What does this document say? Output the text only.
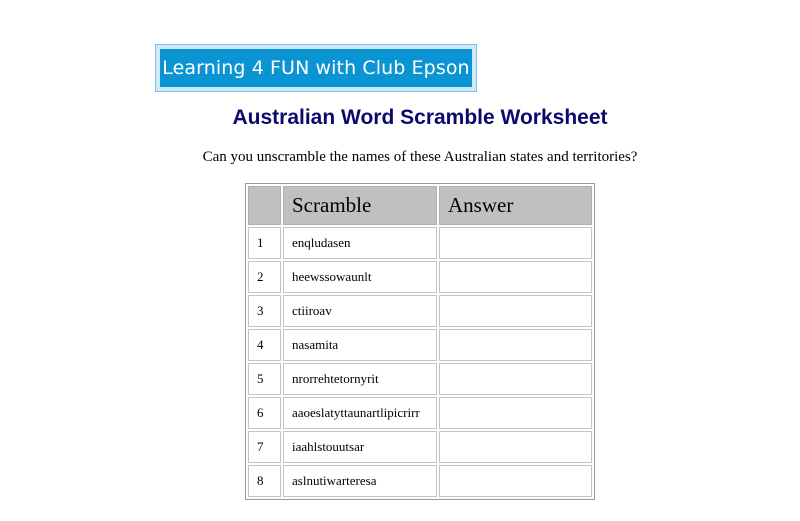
Learning 4 FUN with Club Epson
Australian Word Scramble Worksheet
Can you unscramble the names of these Australian states and territories?
	Scramble	Answer
1	enqludasen	
2	heewssowaunlt	
3	ctiiroav	
4	nasamita	
5	nrorrehtetornyrit	
6	aaoeslatyttaunartlipicrirr	
7	iaahlstouutsar	
8	aslnutiwarteresa	
